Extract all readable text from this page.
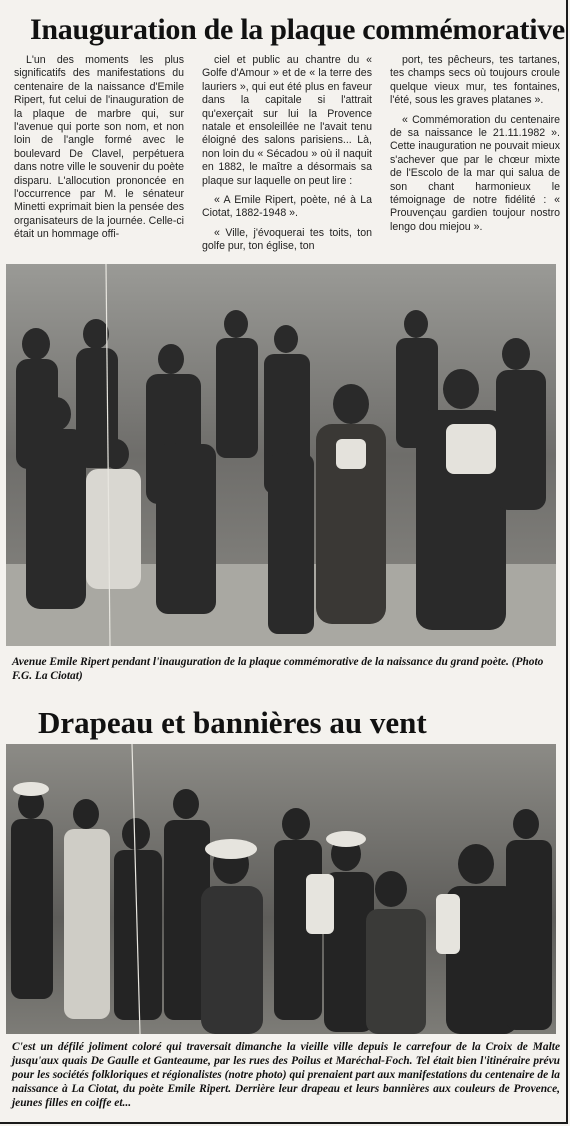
Inauguration de la plaque commémorative

L'un des moments les plus significatifs des manifestations du centenaire de la naissance d'Emile Ripert, fut celui de l'inauguration de la plaque de marbre qui, sur l'avenue qui porte son nom, et non loin de l'angle formé avec le boulevard De Clavel, perpétuera dans notre ville le souvenir du poète disparu. L'allocution prononcée en l'occurrence par M. le sénateur Minetti exprimait bien la pensée des organisateurs de la journée. Celle-ci était un hommage offi-

ciel et public au chantre du « Golfe d'Amour » et de « la terre des lauriers », qui eut été plus en faveur dans la capitale si l'attrait qu'exerçait sur lui la Provence natale et ensoleillée ne l'avait tenu éloigné des salons parisiens... Là, non loin du « Sécadou » où il naquit en 1882, le maître a désormais sa plaque sur laquelle on peut lire :

« A Emile Ripert, poète, né à La Ciotat, 1882-1948 ».

« Ville, j'évoquerai tes toits, ton golfe pur, ton église, ton

port, tes pêcheurs, tes tartanes, tes champs secs où toujours croule quelque vieux mur, tes fontaines, l'été, sous les graves platanes ».

« Commémoration du centenaire de sa naissance le 21.11.1982 ». Cette inauguration ne pouvait mieux s'achever que par le chœur mixte de l'Escolo de la mar qui salua de son chant harmonieux le témoignage de notre fidélité : « Prouvençau gardien toujour nostro lengo dou miejou ».

Avenue Emile Ripert pendant l'inauguration de la plaque commémorative de la naissance du grand poète. (Photo F.G. La Ciotat)
Drapeau et bannières au vent
C'est un défilé joliment coloré qui traversait dimanche la vieille ville depuis le carrefour de la Croix de Malte jusqu'aux quais De Gaulle et Ganteaume, par les rues des Poilus et Maréchal-Foch. Tel était bien l'itinéraire prévu pour les sociétés folkloriques et régionalistes (notre photo) qui prenaient part aux manifestations du centenaire de la naissance à La Ciotat, du poète Emile Ripert. Derrière leur drapeau et leurs bannières aux couleurs de Provence, jeunes filles en coiffe et...
